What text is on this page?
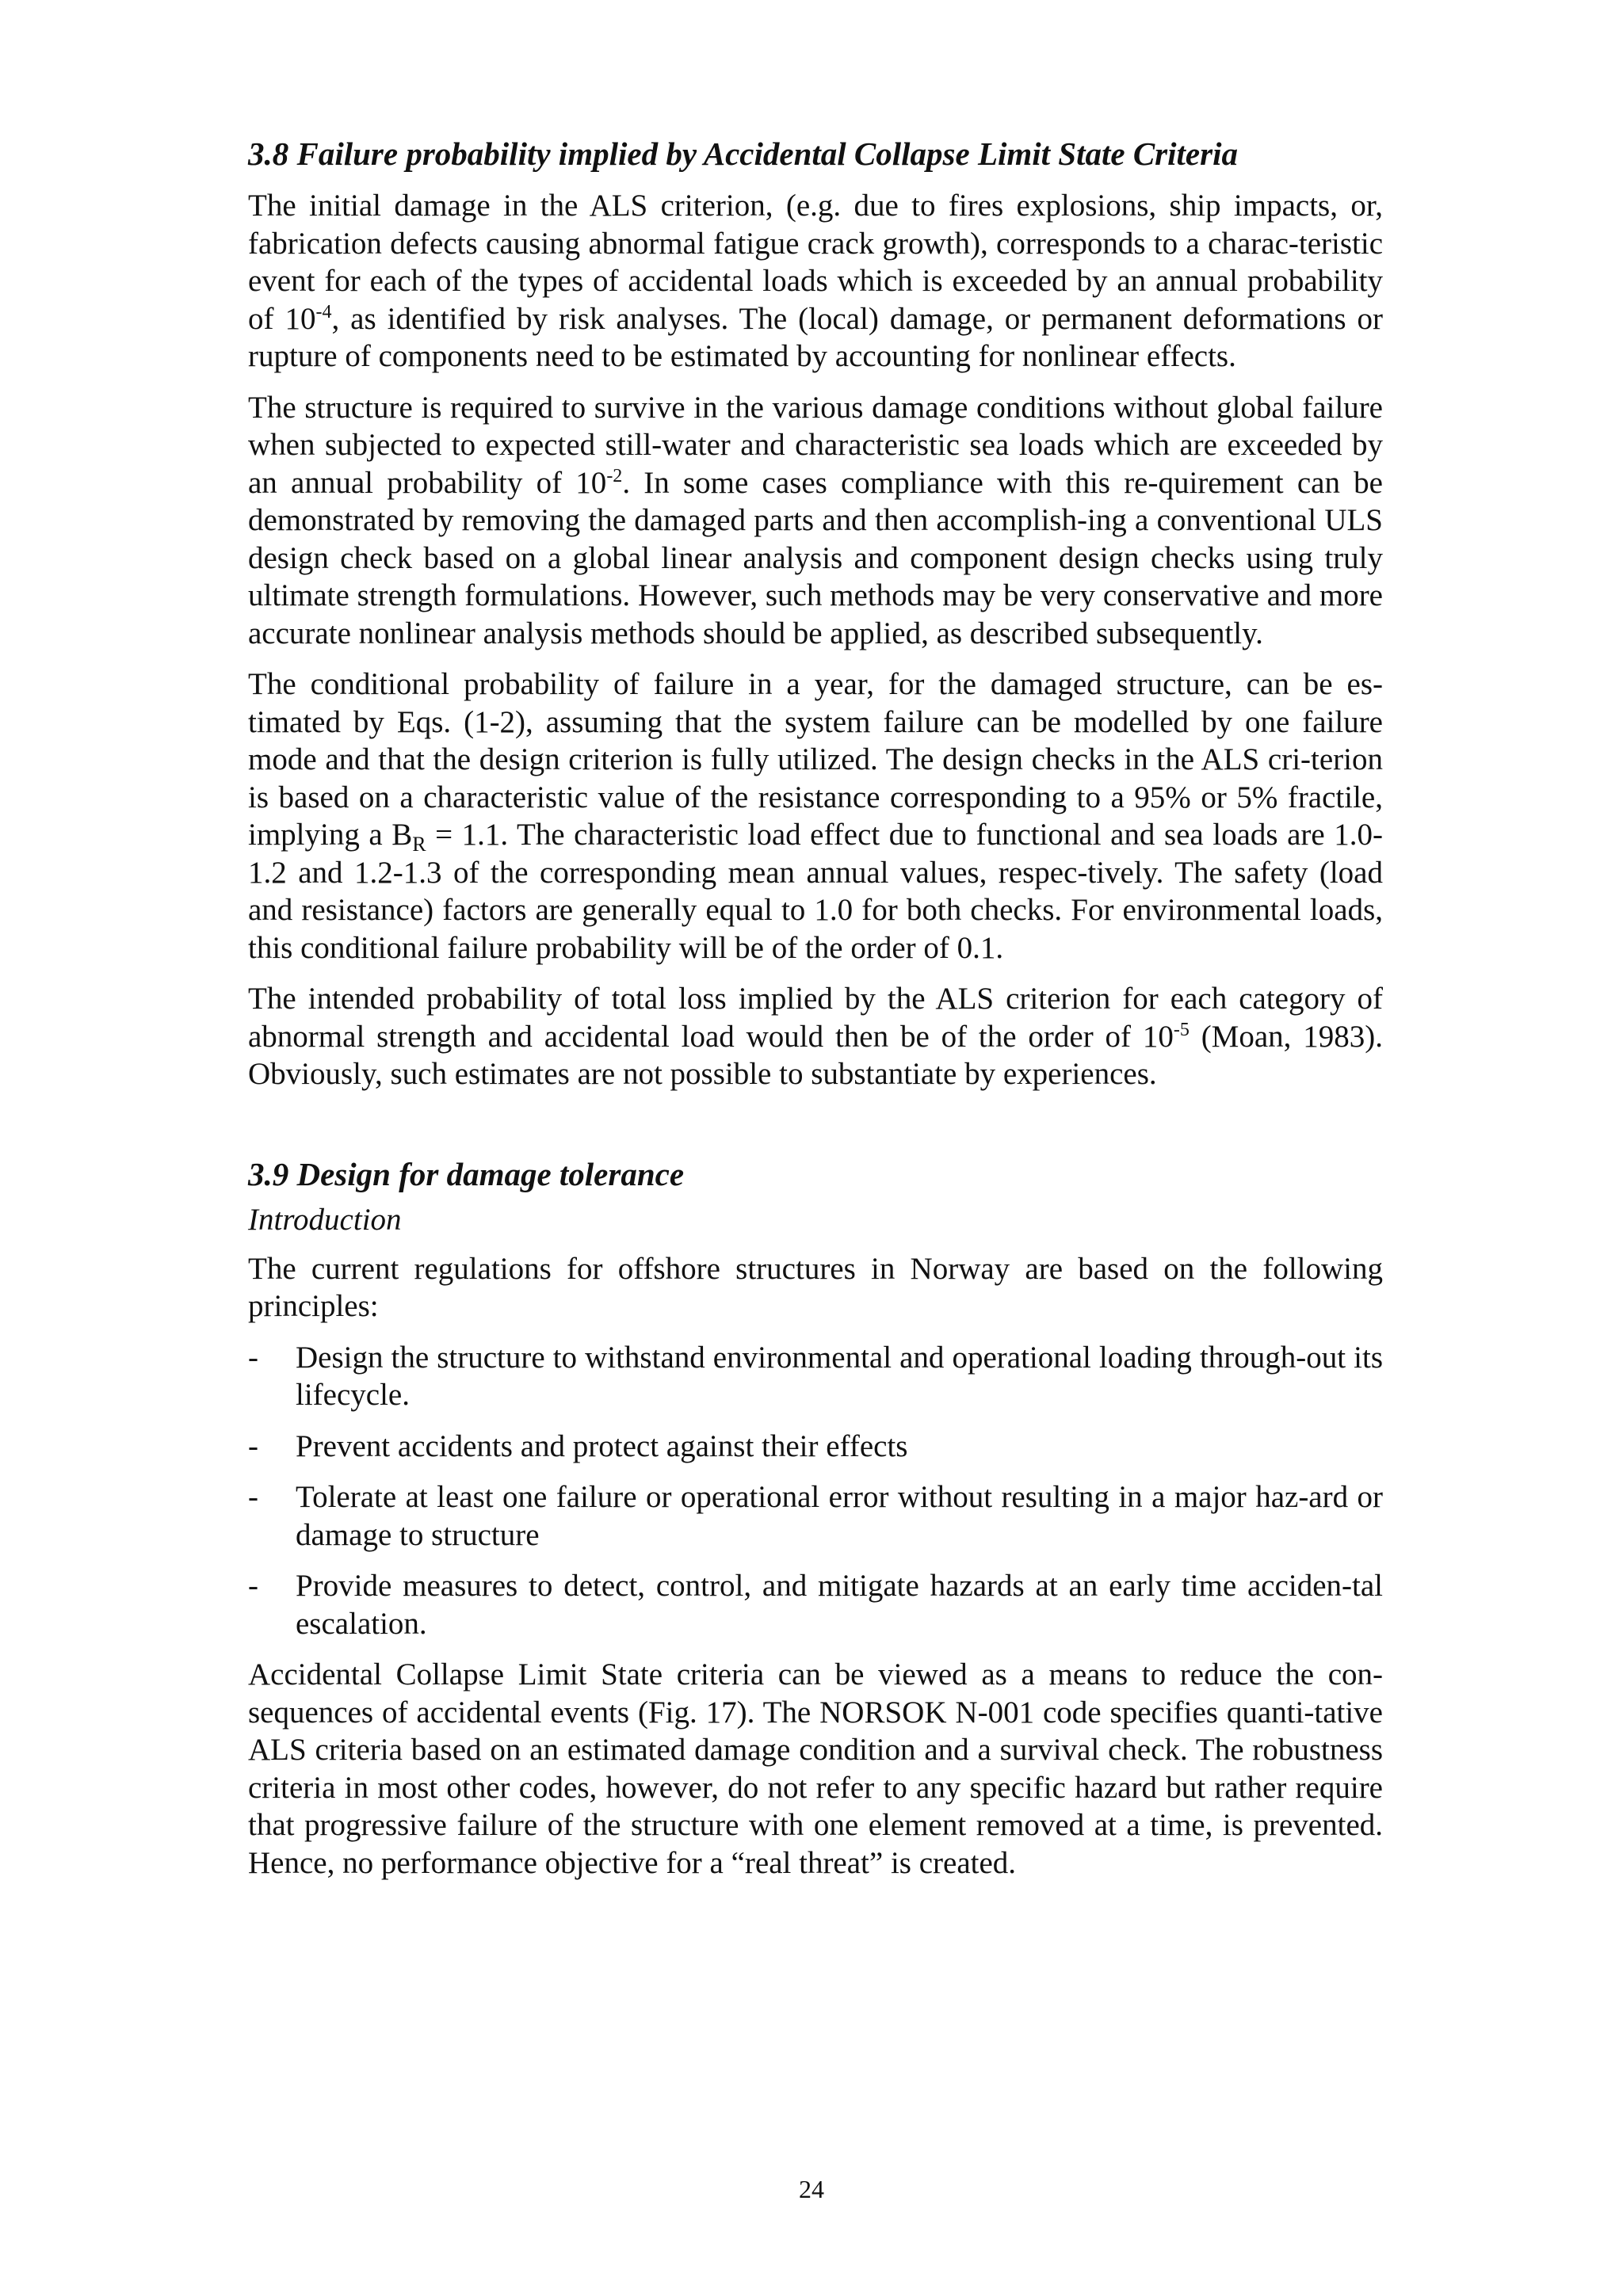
3.8 Failure probability implied by Accidental Collapse Limit State Criteria

The initial damage in the ALS criterion, (e.g. due to fires explosions, ship impacts, or, fabrication defects causing abnormal fatigue crack growth), corresponds to a charac-teristic event for each of the types of accidental loads which is exceeded by an annual probability of $10^{-4}$, as identified by risk analyses. The (local) damage, or permanent deformations or rupture of components need to be estimated by accounting for nonlinear effects.

The structure is required to survive in the various damage conditions without global failure when subjected to expected still-water and characteristic sea loads which are exceeded by an annual probability of $10^{-2}$. In some cases compliance with this re-quirement can be demonstrated by removing the damaged parts and then accomplish-ing a conventional ULS design check based on a global linear analysis and component design checks using truly ultimate strength formulations. However, such methods may be very conservative and more accurate nonlinear analysis methods should be applied, as described subsequently.

The conditional probability of failure in a year, for the damaged structure, can be es-timated by Eqs. (1-2), assuming that the system failure can be modelled by one failure mode and that the design criterion is fully utilized. The design checks in the ALS cri-terion is based on a characteristic value of the resistance corresponding to a 95% or 5% fractile, implying a $B_R = 1.1$. The characteristic load effect due to functional and sea loads are 1.0-1.2 and 1.2-1.3 of the corresponding mean annual values, respec-tively. The safety (load and resistance) factors are generally equal to 1.0 for both checks. For environmental loads, this conditional failure probability will be of the order of 0.1.

The intended probability of total loss implied by the ALS criterion for each category of abnormal strength and accidental load would then be of the order of $10^{-5}$ (Moan, 1983). Obviously, such estimates are not possible to substantiate by experiences.

3.9 Design for damage tolerance
Introduction

The current regulations for offshore structures in Norway are based on the following principles:

- Design the structure to withstand environmental and operational loading through-out its lifecycle.
- Prevent accidents and protect against their effects
- Tolerate at least one failure or operational error without resulting in a major haz-ard or damage to structure
- Provide measures to detect, control, and mitigate hazards at an early time acciden-tal escalation.

Accidental Collapse Limit State criteria can be viewed as a means to reduce the con-sequences of accidental events (Fig. 17). The NORSOK N-001 code specifies quanti-tative ALS criteria based on an estimated damage condition and a survival check. The robustness criteria in most other codes, however, do not refer to any specific hazard but rather require that progressive failure of the structure with one element removed at a time, is prevented. Hence, no performance objective for a “real threat” is created.

24
